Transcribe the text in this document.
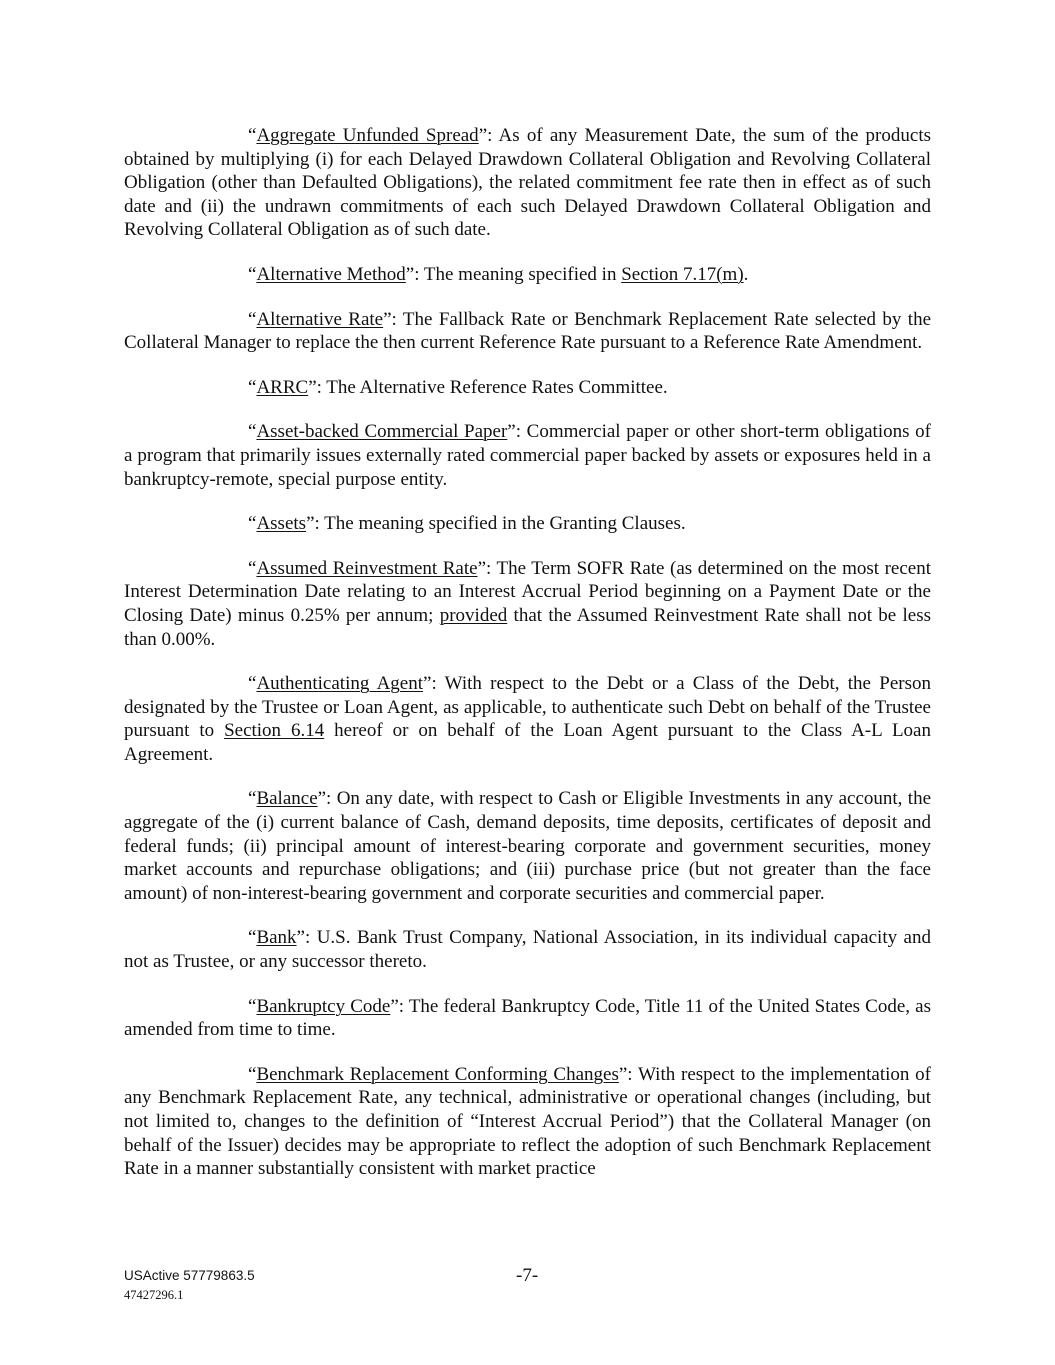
“Aggregate Unfunded Spread”: As of any Measurement Date, the sum of the products obtained by multiplying (i) for each Delayed Drawdown Collateral Obligation and Revolving Collateral Obligation (other than Defaulted Obligations), the related commitment fee rate then in effect as of such date and (ii) the undrawn commitments of each such Delayed Drawdown Collateral Obligation and Revolving Collateral Obligation as of such date.

“Alternative Method”: The meaning specified in Section 7.17(m).

“Alternative Rate”: The Fallback Rate or Benchmark Replacement Rate selected by the Collateral Manager to replace the then current Reference Rate pursuant to a Reference Rate Amendment.

“ARRC”: The Alternative Reference Rates Committee.

“Asset-backed Commercial Paper”: Commercial paper or other short-term obligations of a program that primarily issues externally rated commercial paper backed by assets or exposures held in a bankruptcy-remote, special purpose entity.

“Assets”: The meaning specified in the Granting Clauses.

“Assumed Reinvestment Rate”: The Term SOFR Rate (as determined on the most recent Interest Determination Date relating to an Interest Accrual Period beginning on a Payment Date or the Closing Date) minus 0.25% per annum; provided that the Assumed Reinvestment Rate shall not be less than 0.00%.

“Authenticating Agent”: With respect to the Debt or a Class of the Debt, the Person designated by the Trustee or Loan Agent, as applicable, to authenticate such Debt on behalf of the Trustee pursuant to Section 6.14 hereof or on behalf of the Loan Agent pursuant to the Class A-L Loan Agreement.

“Balance”: On any date, with respect to Cash or Eligible Investments in any account, the aggregate of the (i) current balance of Cash, demand deposits, time deposits, certificates of deposit and federal funds; (ii) principal amount of interest-bearing corporate and government securities, money market accounts and repurchase obligations; and (iii) purchase price (but not greater than the face amount) of non-interest-bearing government and corporate securities and commercial paper.

“Bank”: U.S. Bank Trust Company, National Association, in its individual capacity and not as Trustee, or any successor thereto.

“Bankruptcy Code”: The federal Bankruptcy Code, Title 11 of the United States Code, as amended from time to time.

“Benchmark Replacement Conforming Changes”: With respect to the implementation of any Benchmark Replacement Rate, any technical, administrative or operational changes (including, but not limited to, changes to the definition of “Interest Accrual Period”) that the Collateral Manager (on behalf of the Issuer) decides may be appropriate to reflect the adoption of such Benchmark Replacement Rate in a manner substantially consistent with market practice

USActive 57779863.5
47427296.1
-7-
